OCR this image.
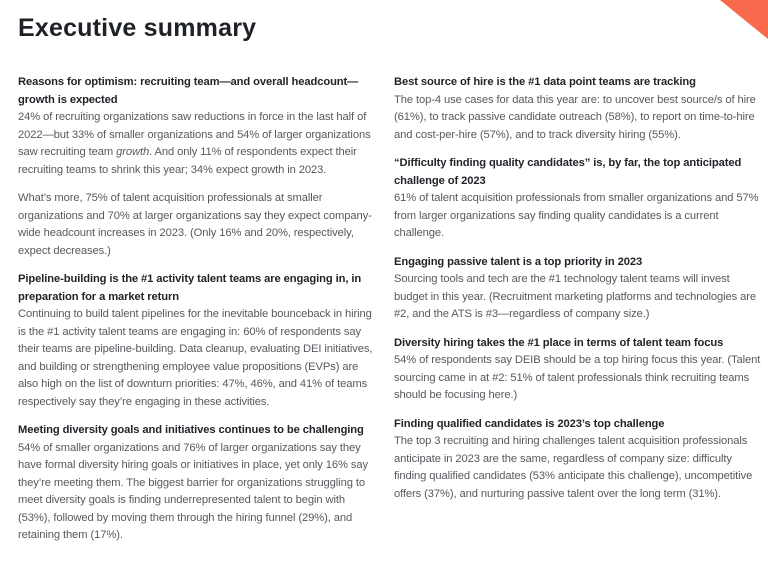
Executive summary
Reasons for optimism: recruiting team—and overall headcount—growth is expected

24% of recruiting organizations saw reductions in force in the last half of 2022—but 33% of smaller organizations and 54% of larger organizations saw recruiting team growth. And only 11% of respondents expect their recruiting teams to shrink this year; 34% expect growth in 2023.

What’s more, 75% of talent acquisition professionals at smaller organizations and 70% at larger organizations say they expect company-wide headcount increases in 2023. (Only 16% and 20%, respectively, expect decreases.)

Pipeline-building is the #1 activity talent teams are engaging in, in preparation for a market return

Continuing to build talent pipelines for the inevitable bounceback in hiring is the #1 activity talent teams are engaging in: 60% of respondents say their teams are pipeline-building. Data cleanup, evaluating DEI initiatives, and building or strengthening employee value propositions (EVPs) are also high on the list of downturn priorities: 47%, 46%, and 41% of teams respectively say they’re engaging in these activities.

Meeting diversity goals and initiatives continues to be challenging

54% of smaller organizations and 76% of larger organizations say they have formal diversity hiring goals or initiatives in place, yet only 16% say they’re meeting them. The biggest barrier for organizations struggling to meet diversity goals is finding underrepresented talent to begin with (53%), followed by moving them through the hiring funnel (29%), and retaining them (17%).

Best source of hire is the #1 data point teams are tracking

The top-4 use cases for data this year are: to uncover best source/s of hire (61%), to track passive candidate outreach (58%), to report on time-to-hire and cost-per-hire (57%), and to track diversity hiring (55%).

“Difficulty finding quality candidates” is, by far, the top anticipated challenge of 2023

61% of talent acquisition professionals from smaller organizations and 57% from larger organizations say finding quality candidates is a current challenge.

Engaging passive talent is a top priority in 2023

Sourcing tools and tech are the #1 technology talent teams will invest budget in this year. (Recruitment marketing platforms and technologies are #2, and the ATS is #3—regardless of company size.)

Diversity hiring takes the #1 place in terms of talent team focus

54% of respondents say DEIB should be a top hiring focus this year. (Talent sourcing came in at #2: 51% of talent professionals think recruiting teams should be focusing here.)

Finding qualified candidates is 2023’s top challenge

The top 3 recruiting and hiring challenges talent acquisition professionals anticipate in 2023 are the same, regardless of company size: difficulty finding qualified candidates (53% anticipate this challenge), uncompetitive offers (37%), and nurturing passive talent over the long term (31%).
